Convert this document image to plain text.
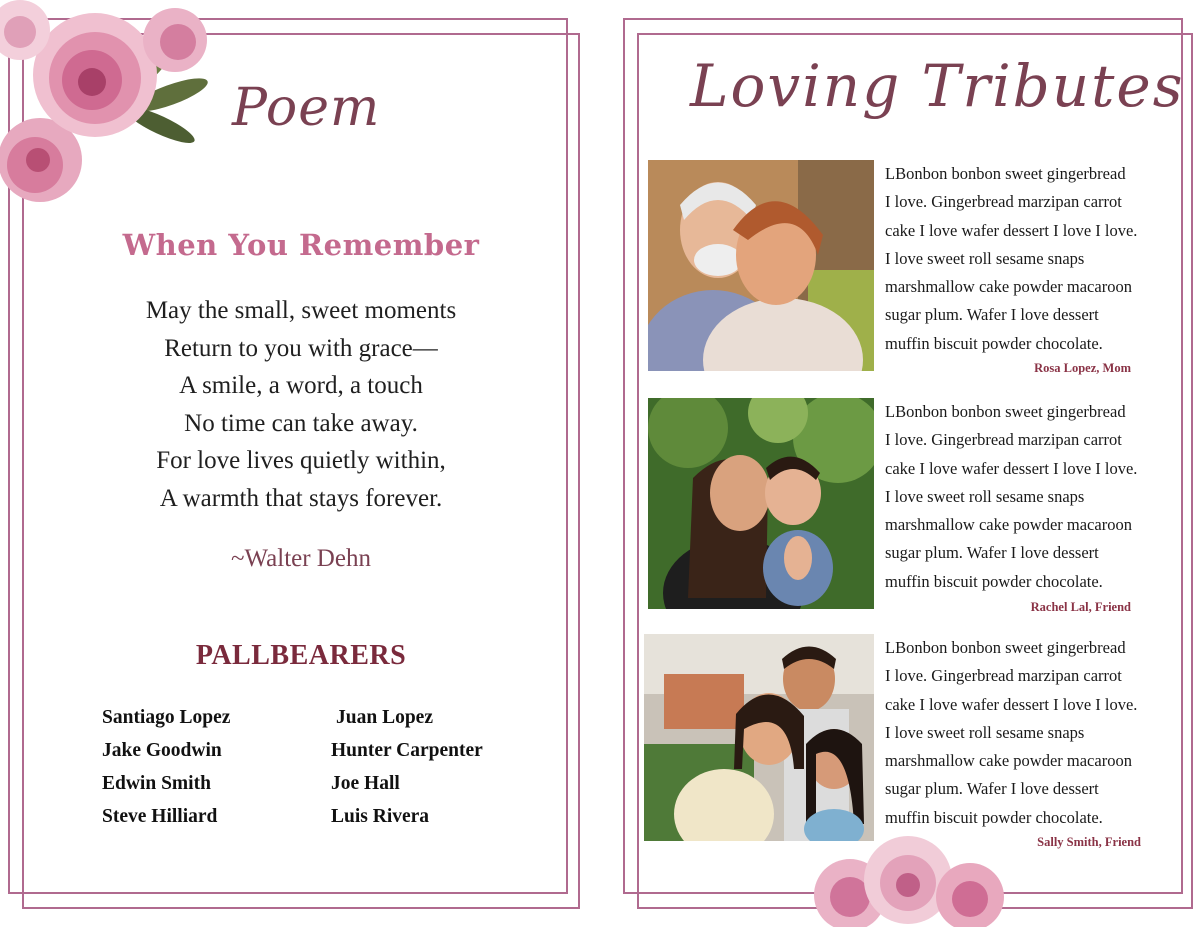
Poem
When You Remember
May the small, sweet moments
Return to you with grace—
A smile, a word, a touch
No time can take away.
For love lives quietly within,
A warmth that stays forever.
~Walter Dehn
PALLBEARERS
Santiago Lopez
Jake Goodwin
Edwin Smith
Steve Hilliard
Juan Lopez
Hunter Carpenter
Joe Hall
Luis Rivera
Loving Tributes
LBonbon bonbon sweet gingerbread
I love. Gingerbread marzipan carrot
cake I love wafer dessert I love I love.
I love sweet roll sesame snaps
marshmallow cake powder macaroon
sugar plum. Wafer I love dessert
muffin biscuit powder chocolate.
Rosa Lopez, Mom
LBonbon bonbon sweet gingerbread
I love. Gingerbread marzipan carrot
cake I love wafer dessert I love I love.
I love sweet roll sesame snaps
marshmallow cake powder macaroon
sugar plum. Wafer I love dessert
muffin biscuit powder chocolate.
Rachel Lal, Friend
LBonbon bonbon sweet gingerbread
I love. Gingerbread marzipan carrot
cake I love wafer dessert I love I love.
I love sweet roll sesame snaps
marshmallow cake powder macaroon
sugar plum. Wafer I love dessert
muffin biscuit powder chocolate.
Sally Smith, Friend
